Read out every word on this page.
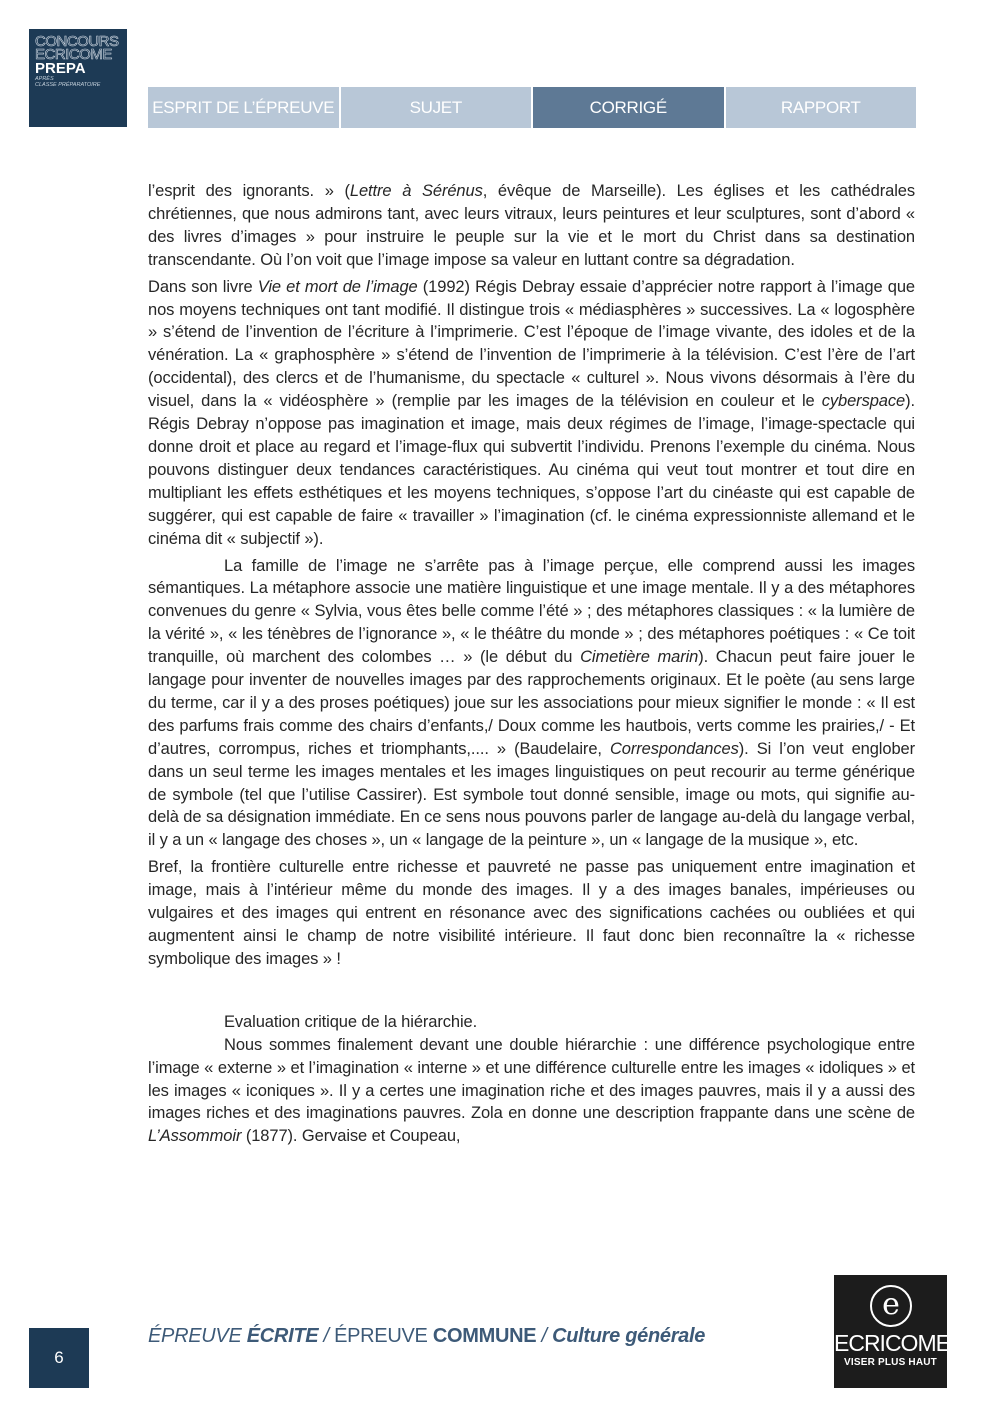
CONCOURS
ECRICOME
PREPA
APRÈS
CLASSE PRÉPARATOIRE
ESPRIT DE L’ÉPREUVE	SUJET	CORRIGÉ	RAPPORT

l’esprit des ignorants. » (Lettre à Sérénus, évêque de Marseille). Les églises et les cathédrales chrétiennes, que nous admirons tant, avec leurs vitraux, leurs peintures et leur sculptures, sont d’abord « des livres d’images » pour instruire le peuple sur la vie et le mort du Christ dans sa destination transcendante. Où l’on voit que l’image impose sa valeur en luttant contre sa dégradation.

Dans son livre Vie et mort de l’image (1992) Régis Debray essaie d’apprécier notre rapport à l’image que nos moyens techniques ont tant modifié. Il distingue trois « médiasphères » successives. La « logosphère » s’étend de l’invention de l’écriture à l’imprimerie. C’est l’époque de l’image vivante, des idoles et de la vénération. La « graphosphère » s’étend de l’invention de l’imprimerie à la télévision. C’est l’ère de l’art (occidental), des clercs et de l’humanisme, du spectacle « culturel ». Nous vivons désormais à l’ère du visuel, dans la « vidéosphère » (remplie par les images de la télévision en couleur et le cyberspace). Régis Debray n’oppose pas imagination et image, mais deux régimes de l’image, l’image-spectacle qui donne droit et place au regard et l’image-flux qui subvertit l’individu. Prenons l’exemple du cinéma. Nous pouvons distinguer deux tendances caractéristiques. Au cinéma qui veut tout montrer et tout dire en multipliant les effets esthétiques et les moyens techniques, s’oppose l’art du cinéaste qui est capable de suggérer, qui est capable de faire « travailler » l’imagination (cf. le cinéma expressionniste allemand et le cinéma dit « subjectif »).

La famille de l’image ne s’arrête pas à l’image perçue, elle comprend aussi les images sémantiques. La métaphore associe une matière linguistique et une image mentale. Il y a des métaphores convenues du genre « Sylvia, vous êtes belle comme l’été » ; des métaphores classiques : « la lumière de la vérité », « les ténèbres de l’ignorance », « le théâtre du monde » ; des métaphores poétiques : « Ce toit tranquille, où marchent des colombes … » (le début du Cimetière marin). Chacun peut faire jouer le langage pour inventer de nouvelles images par des rapprochements originaux. Et le poète (au sens large du terme, car il y a des proses poétiques) joue sur les associations pour mieux signifier le monde : « Il est des parfums frais comme des chairs d’enfants,/ Doux comme les hautbois, verts comme les prairies,/ - Et d’autres, corrompus, riches et triomphants,.... » (Baudelaire, Correspondances). Si l’on veut englober dans un seul terme les images mentales et les images linguistiques on peut recourir au terme générique de symbole (tel que l’utilise Cassirer). Est symbole tout donné sensible, image ou mots, qui signifie au-delà de sa désignation immédiate. En ce sens nous pouvons parler de langage au-delà du langage verbal, il y a un « langage des choses », un « langage de la peinture », un « langage de la musique », etc.

Bref, la frontière culturelle entre richesse et pauvreté ne passe pas uniquement entre imagination et image, mais à l’intérieur même du monde des images. Il y a des images banales, impérieuses ou vulgaires et des images qui entrent en résonance avec des significations cachées ou oubliées et qui augmentent ainsi le champ de notre visibilité intérieure. Il faut donc bien reconnaître la « richesse symbolique des images » !

Evaluation critique de la hiérarchie.

Nous sommes finalement devant une double hiérarchie : une différence psychologique entre l’image « externe » et l’imagination « interne » et une différence culturelle entre les images « idoliques » et les images « iconiques ». Il y a certes une imagination riche et des images pauvres, mais il y a aussi des images riches et des imaginations pauvres. Zola en donne une description frappante dans une scène de L’Assommoir (1877). Gervaise et Coupeau,

6
ÉPREUVE ÉCRITE / ÉPREUVE COMMUNE / Culture générale
e
ECRICOME
VISER PLUS HAUT
